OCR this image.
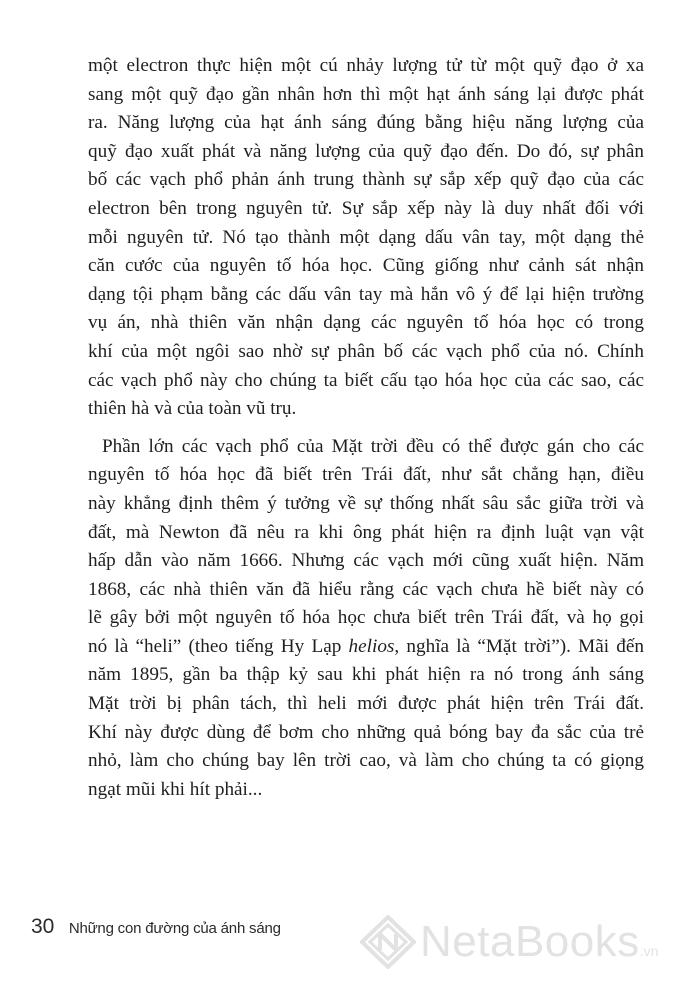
một electron thực hiện một cú nhảy lượng tử từ một quỹ đạo ở xa
sang một quỹ đạo gần nhân hơn thì một hạt ánh sáng lại được phát
ra. Năng lượng của hạt ánh sáng đúng bằng hiệu năng lượng của
quỹ đạo xuất phát và năng lượng của quỹ đạo đến. Do đó, sự phân
bố các vạch phổ phản ánh trung thành sự sắp xếp quỹ đạo của các
electron bên trong nguyên tử. Sự sắp xếp này là duy nhất đối với
mỗi nguyên tử. Nó tạo thành một dạng dấu vân tay, một dạng thẻ
căn cước của nguyên tố hóa học. Cũng giống như cảnh sát nhận
dạng tội phạm bằng các dấu vân tay mà hắn vô ý để lại hiện trường
vụ án, nhà thiên văn nhận dạng các nguyên tố hóa học có trong
khí của một ngôi sao nhờ sự phân bố các vạch phổ của nó. Chính
các vạch phổ này cho chúng ta biết cấu tạo hóa học của các sao, các
thiên hà và của toàn vũ trụ.
Phần lớn các vạch phổ của Mặt trời đều có thể được gán cho các
nguyên tố hóa học đã biết trên Trái đất, như sắt chẳng hạn, điều
này khẳng định thêm ý tưởng về sự thống nhất sâu sắc giữa trời và
đất, mà Newton đã nêu ra khi ông phát hiện ra định luật vạn vật
hấp dẫn vào năm 1666. Nhưng các vạch mới cũng xuất hiện. Năm
1868, các nhà thiên văn đã hiểu rằng các vạch chưa hề biết này có
lẽ gây bởi một nguyên tố hóa học chưa biết trên Trái đất, và họ gọi
nó là “heli” (theo tiếng Hy Lạp helios, nghĩa là “Mặt trời”). Mãi đến
năm 1895, gần ba thập kỷ sau khi phát hiện ra nó trong ánh sáng
Mặt trời bị phân tách, thì heli mới được phát hiện trên Trái đất.
Khí này được dùng để bơm cho những quả bóng bay đa sắc của trẻ
nhỏ, làm cho chúng bay lên trời cao, và làm cho chúng ta có giọng
ngạt mũi khi hít phải...
30 Những con đường của ánh sáng	NetaBooks .vn
